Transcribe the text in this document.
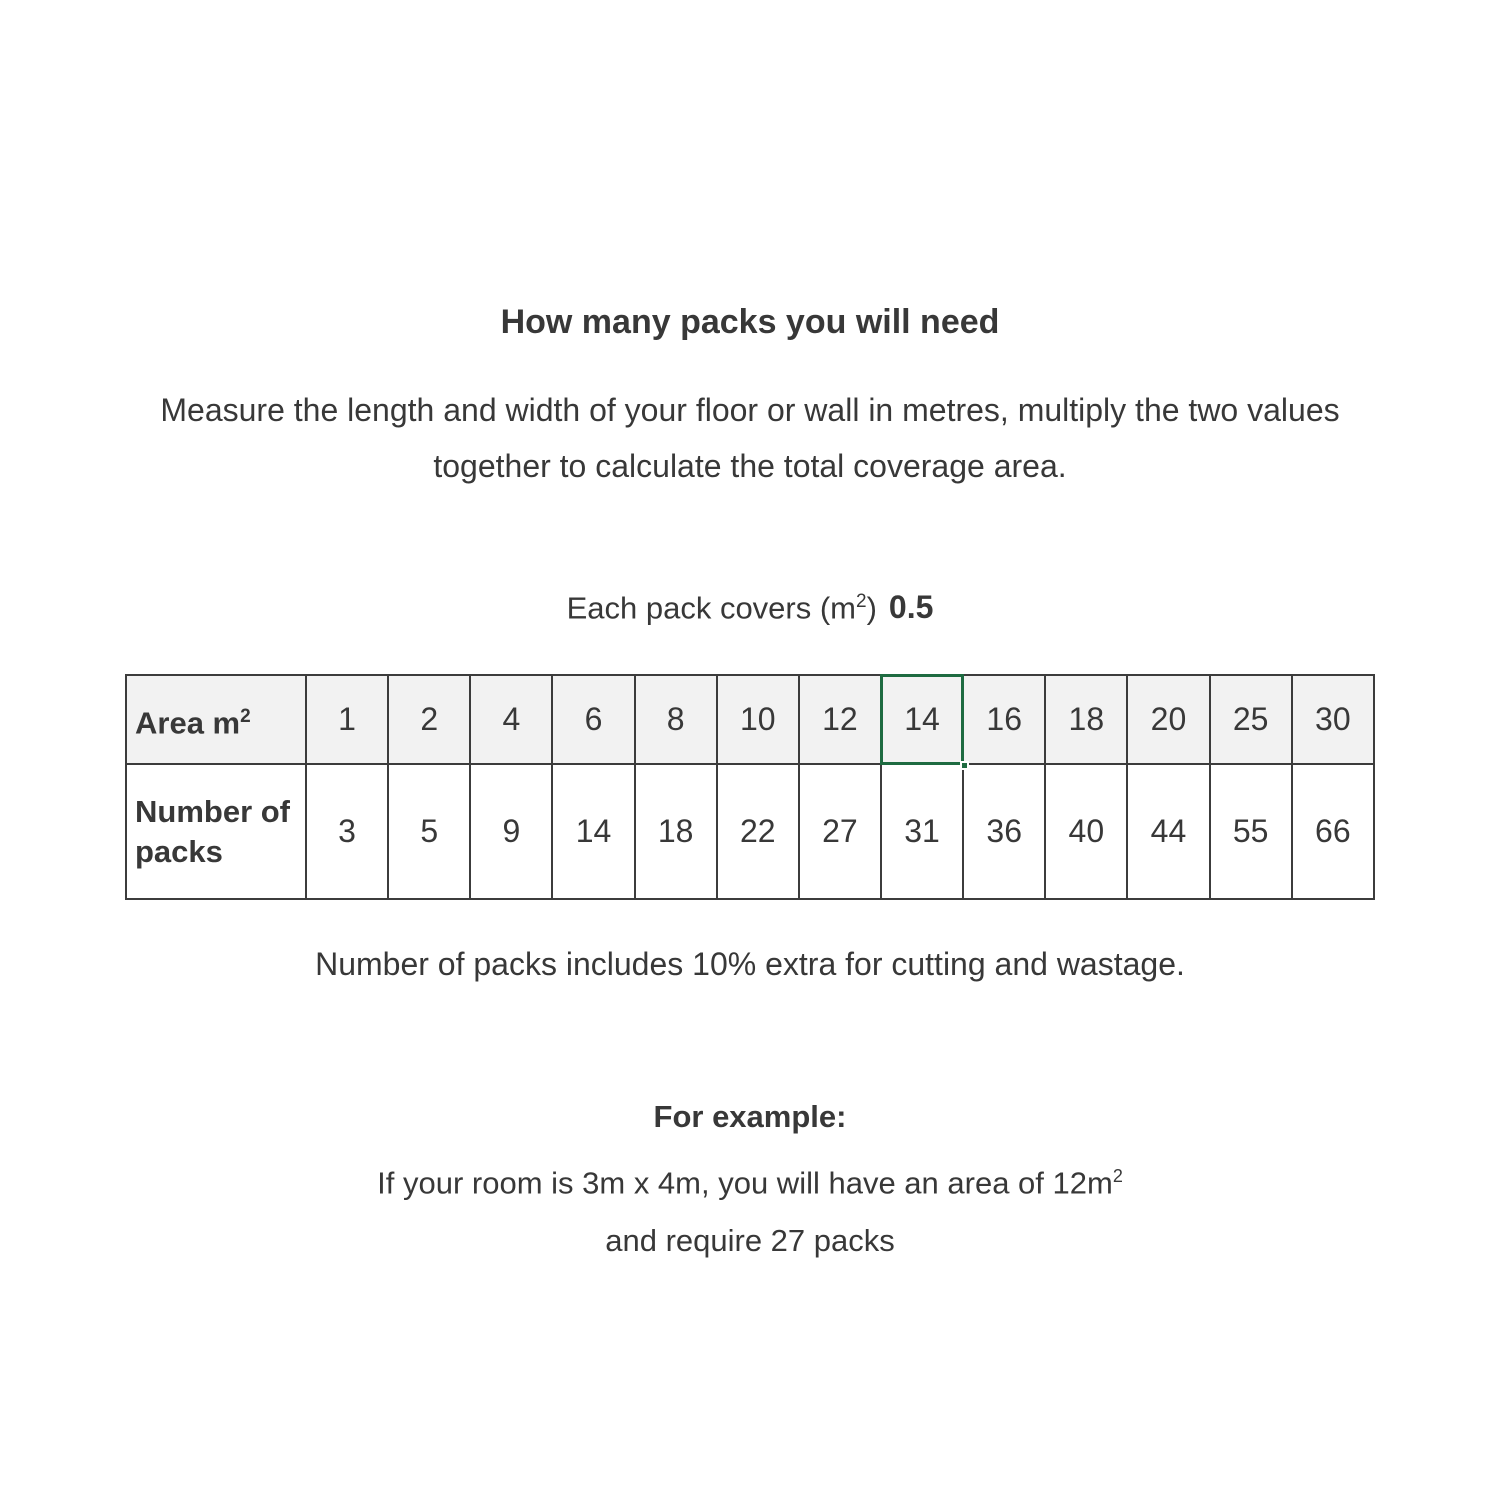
How many packs you will need

Measure the length and width of your floor or wall in metres, multiply the two values together to calculate the total coverage area.

Each pack covers $(m^2)$ 0.5

Area $m^2$	1	2	4	6	8	10	12	14	16	18	20	25	30
Number of packs	3	5	9	14	18	22	27	31	36	40	44	55	66

Number of packs includes 10% extra for cutting and wastage.

For example:

If your room is 3m x 4m, you will have an area of $12m^2$

and require 27 packs
